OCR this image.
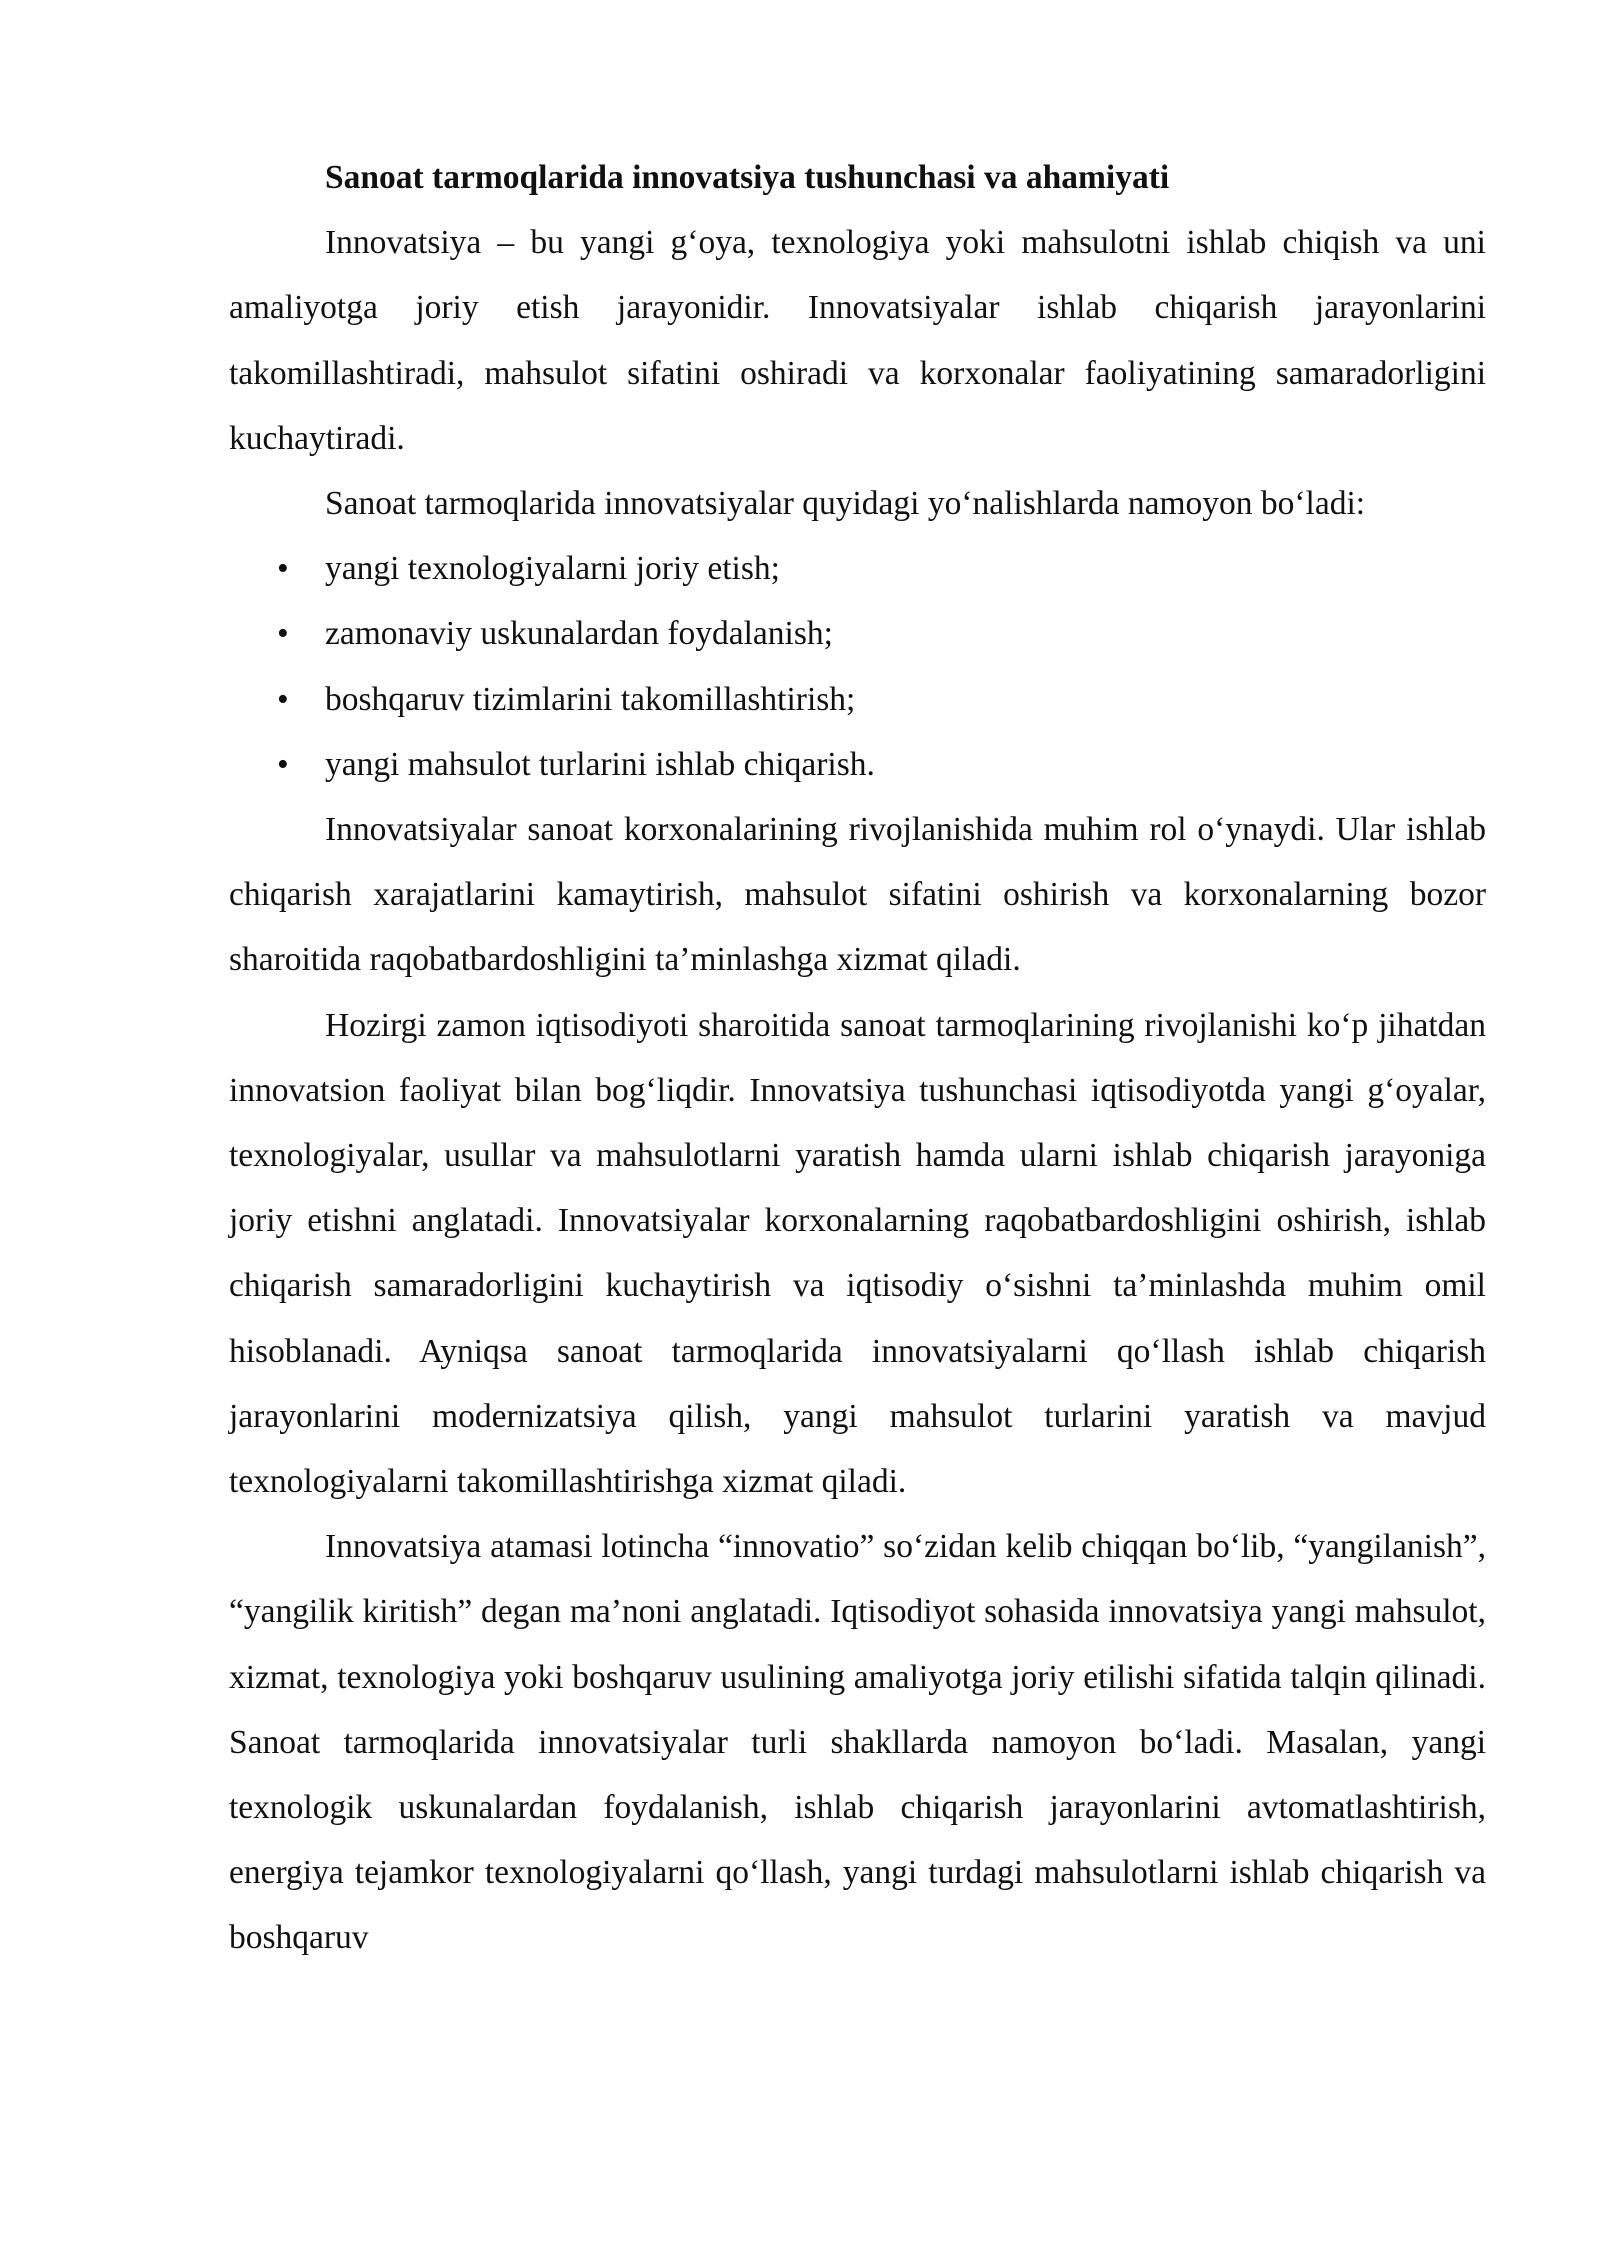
Sanoat tarmoqlarida innovatsiya tushunchasi va ahamiyati

Innovatsiya – bu yangi g‘oya, texnologiya yoki mahsulotni ishlab chiqish va uni amaliyotga joriy etish jarayonidir. Innovatsiyalar ishlab chiqarish jarayonlarini takomillashtiradi, mahsulot sifatini oshiradi va korxonalar faoliyatining samaradorligini kuchaytiradi.

Sanoat tarmoqlarida innovatsiyalar quyidagi yo‘nalishlarda namoyon bo‘ladi:

• yangi texnologiyalarni joriy etish;
• zamonaviy uskunalardan foydalanish;
• boshqaruv tizimlarini takomillashtirish;
• yangi mahsulot turlarini ishlab chiqarish.

Innovatsiyalar sanoat korxonalarining rivojlanishida muhim rol o‘ynaydi. Ular ishlab chiqarish xarajatlarini kamaytirish, mahsulot sifatini oshirish va korxonalarning bozor sharoitida raqobatbardoshligini ta’minlashga xizmat qiladi.

Hozirgi zamon iqtisodiyoti sharoitida sanoat tarmoqlarining rivojlanishi ko‘p jihatdan innovatsion faoliyat bilan bog‘liqdir. Innovatsiya tushunchasi iqtisodiyotda yangi g‘oyalar, texnologiyalar, usullar va mahsulotlarni yaratish hamda ularni ishlab chiqarish jarayoniga joriy etishni anglatadi. Innovatsiyalar korxonalarning raqobatbardoshligini oshirish, ishlab chiqarish samaradorligini kuchaytirish va iqtisodiy o‘sishni ta’minlashda muhim omil hisoblanadi. Ayniqsa sanoat tarmoqlarida innovatsiyalarni qo‘llash ishlab chiqarish jarayonlarini modernizatsiya qilish, yangi mahsulot turlarini yaratish va mavjud texnologiyalarni takomillashtirishga xizmat qiladi.

Innovatsiya atamasi lotincha “innovatio” so‘zidan kelib chiqqan bo‘lib, “yangilanish”, “yangilik kiritish” degan ma’noni anglatadi. Iqtisodiyot sohasida innovatsiya yangi mahsulot, xizmat, texnologiya yoki boshqaruv usulining amaliyotga joriy etilishi sifatida talqin qilinadi. Sanoat tarmoqlarida innovatsiyalar turli shakllarda namoyon bo‘ladi. Masalan, yangi texnologik uskunalardan foydalanish, ishlab chiqarish jarayonlarini avtomatlashtirish, energiya tejamkor texnologiyalarni qo‘llash, yangi turdagi mahsulotlarni ishlab chiqarish va boshqaruv
